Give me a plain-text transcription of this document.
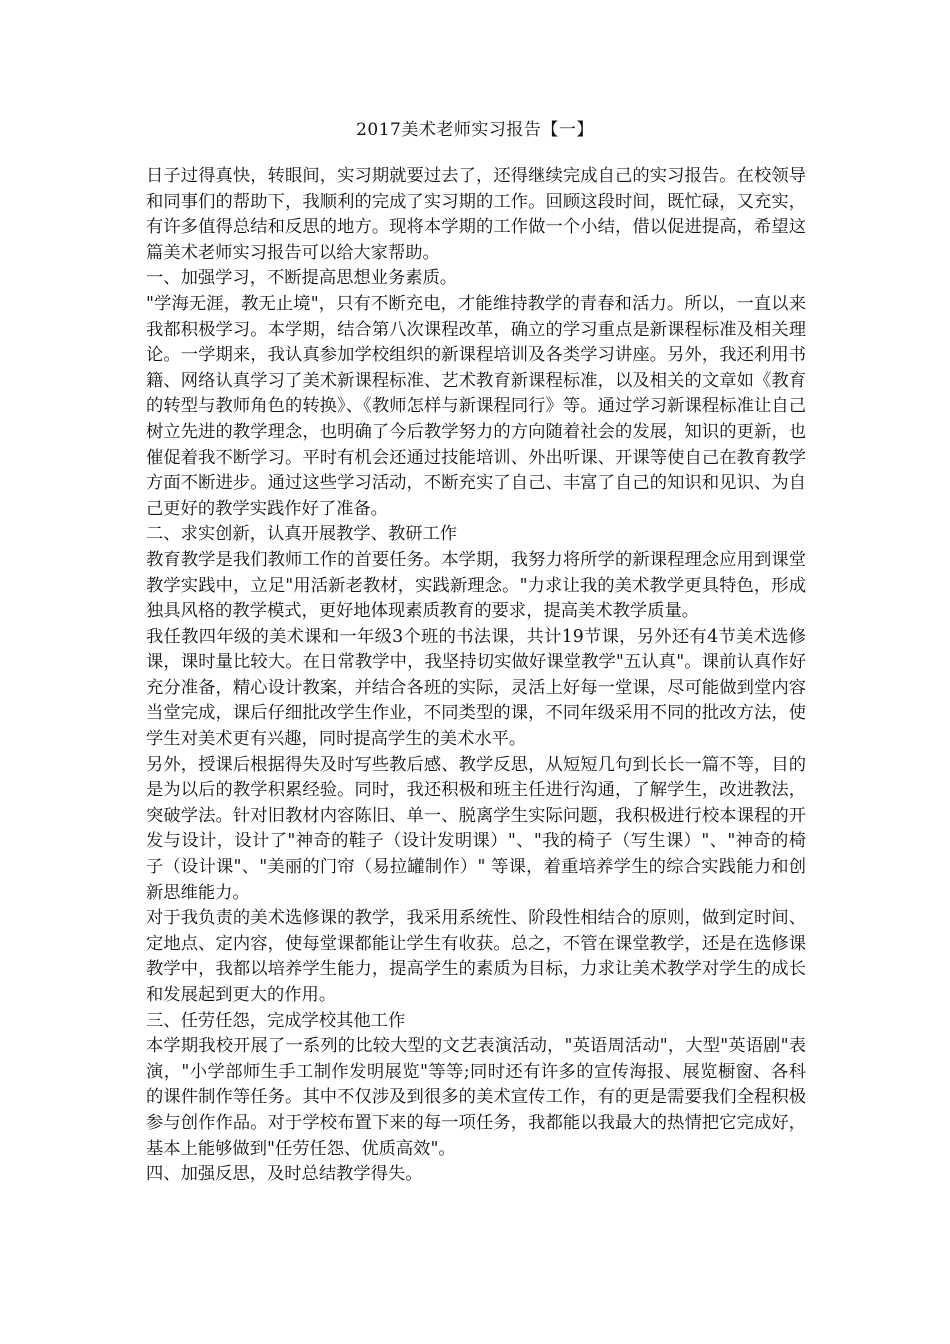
2017美术老师实习报告【一】

日子过得真快，转眼间，实习期就要过去了，还得继续完成自己的实习报告。在校领导和同事们的帮助下，我顺利的完成了实习期的工作。回顾这段时间，既忙碌，又充实，有许多值得总结和反思的地方。现将本学期的工作做一个小结，借以促进提高，希望这篇美术老师实习报告可以给大家帮助。

一、加强学习，不断提高思想业务素质。

"学海无涯，教无止境"，只有不断充电，才能维持教学的青春和活力。所以，一直以来我都积极学习。本学期，结合第八次课程改革，确立的学习重点是新课程标准及相关理论。一学期来，我认真参加学校组织的新课程培训及各类学习讲座。另外，我还利用书籍、网络认真学习了美术新课程标准、艺术教育新课程标准，以及相关的文章如《教育的转型与教师角色的转换》、《教师怎样与新课程同行》等。通过学习新课程标准让自己树立先进的教学理念，也明确了今后教学努力的方向随着社会的发展，知识的更新，也催促着我不断学习。平时有机会还通过技能培训、外出听课、开课等使自己在教育教学方面不断进步。通过这些学习活动，不断充实了自己、丰富了自己的知识和见识、为自己更好的教学实践作好了准备。

二、求实创新，认真开展教学、教研工作

教育教学是我们教师工作的首要任务。本学期，我努力将所学的新课程理念应用到课堂教学实践中，立足"用活新老教材，实践新理念。"力求让我的美术教学更具特色，形成独具风格的教学模式，更好地体现素质教育的要求，提高美术教学质量。

我任教四年级的美术课和一年级3个班的书法课，共计19节课，另外还有4节美术选修课，课时量比较大。在日常教学中，我坚持切实做好课堂教学"五认真"。课前认真作好充分准备，精心设计教案，并结合各班的实际，灵活上好每一堂课，尽可能做到堂内容当堂完成，课后仔细批改学生作业，不同类型的课，不同年级采用不同的批改方法，使学生对美术更有兴趣，同时提高学生的美术水平。

另外，授课后根据得失及时写些教后感、教学反思，从短短几句到长长一篇不等，目的是为以后的教学积累经验。同时，我还积极和班主任进行沟通，了解学生，改进教法，突破学法。针对旧教材内容陈旧、单一、脱离学生实际问题，我积极进行校本课程的开发与设计，设计了"神奇的鞋子（设计发明课）"、"我的椅子（写生课）"、"神奇的椅子（设计课"、"美丽的门帘（易拉罐制作）" 等课，着重培养学生的综合实践能力和创新思维能力。

对于我负责的美术选修课的教学，我采用系统性、阶段性相结合的原则，做到定时间、定地点、定内容，使每堂课都能让学生有收获。总之，不管在课堂教学，还是在选修课教学中，我都以培养学生能力，提高学生的素质为目标，力求让美术教学对学生的成长和发展起到更大的作用。

三、任劳任怨，完成学校其他工作

本学期我校开展了一系列的比较大型的文艺表演活动，"英语周活动"，大型"英语剧"表演，"小学部师生手工制作发明展览"等等;同时还有许多的宣传海报、展览橱窗、各科的课件制作等任务。其中不仅涉及到很多的美术宣传工作，有的更是需要我们全程积极参与创作作品。对于学校布置下来的每一项任务，我都能以我最大的热情把它完成好，基本上能够做到"任劳任怨、优质高效"。

四、加强反思，及时总结教学得失。
